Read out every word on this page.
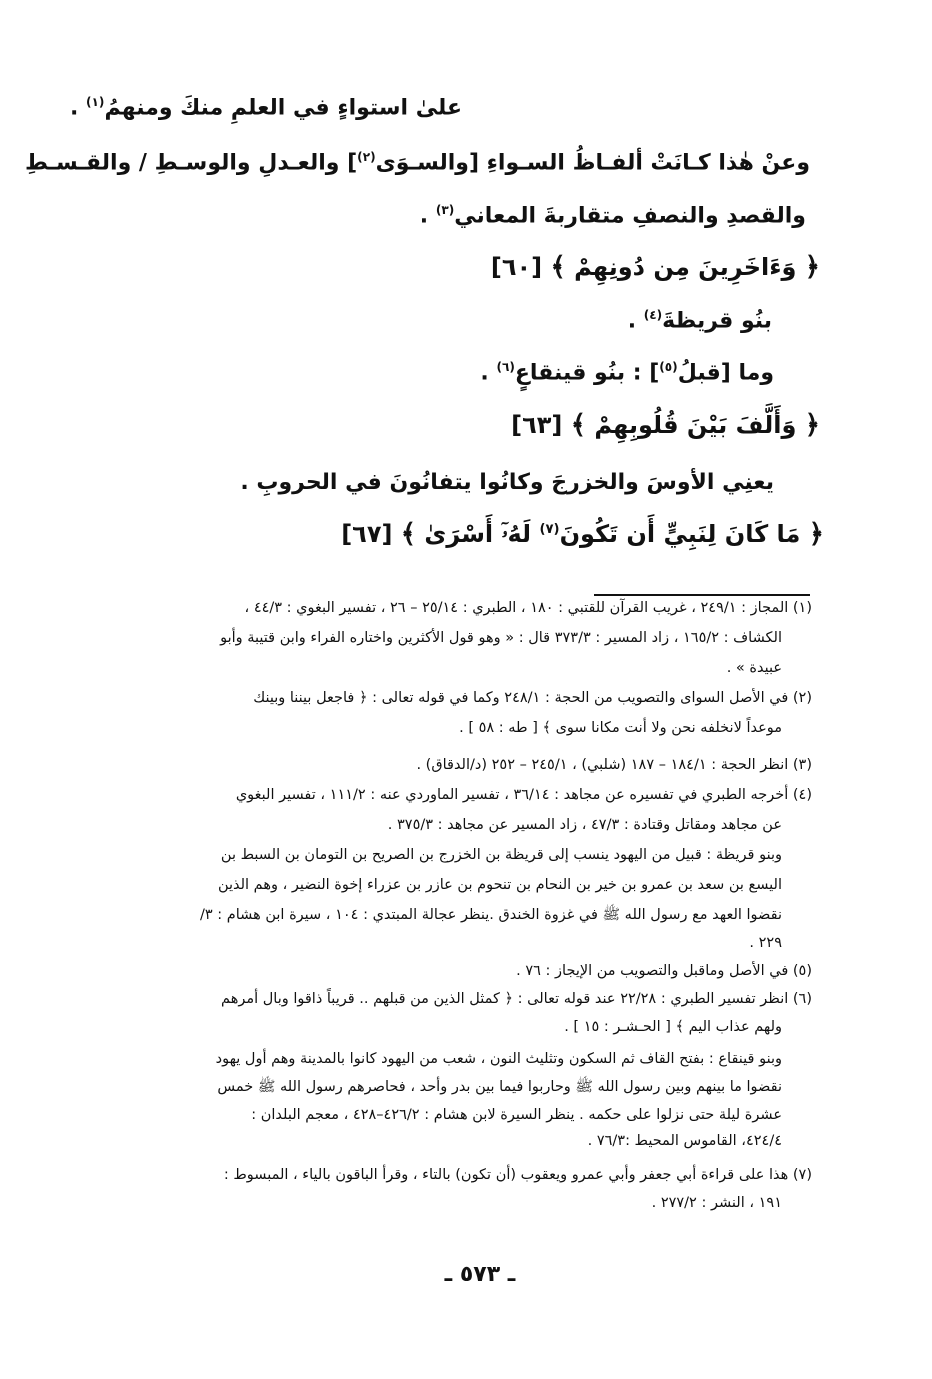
علىٰ استواءٍ في العلمِ منكَ ومنهمُ$^{(١)}$ .
وعنْ هٰذا كـانَتْ ألفـاظُ السـواءِ [والسـوَى$^{(٢)}$] والعـدلِ والوسـطِ / والقـسـطِ
والقصدِ والنصفِ متقاربةَ المعاني$^{(٣)}$ .
﴿ وَءَاخَرِينَ مِن دُونِهِمْ ﴾ [٦٠]
بنُو قريظةَ$^{(٤)}$ .
وما [قبلُ$^{(٥)}$] : بنُو قينقاعٍ$^{(٦)}$ .
﴿ وَأَلَّفَ بَيْنَ قُلُوبِهِمْ ﴾ [٦٣]
يعنِي الأوسَ والخزرجَ وكانُوا يتفانُونَ في الحروبِ .
﴿ مَا كَانَ لِنَبِيٍّ أَن تَكُونَ$^{(٧)}$ لَهُۥٓ أَسْرَىٰ ﴾ [٦٧]
(١) المجاز : ٢٤٩/١ ، غريب القرآن للقتبي : ١٨٠ ، الطبري : ٢٥/١٤ – ٢٦ ، تفسير البغوي : ٤٤/٣ ،
الكشاف : ١٦٥/٢ ، زاد المسير : ٣٧٣/٣ قال : « وهو قول الأكثرين واختاره الفراء وابن قتيبة وأبو
عبيدة » .
(٢) في الأصل السواى والتصويب من الحجة : ٢٤٨/١ وكما في قوله تعالى : ﴿ فاجعل بيننا وبينك
موعداً لانخلفه نحن ولا أنت مكانا سوى ﴾ [ طه : ٥٨ ] .
(٣) انظر الحجة : ١٨٤/١ – ١٨٧ (شلبي) ، ٢٤٥/١ – ٢٥٢ (د/الدقاق) .
(٤) أخرجه الطبري في تفسيره عن مجاهد : ٣٦/١٤ ، تفسير الماوردي عنه : ١١١/٢ ، تفسير البغوي
عن مجاهد ومقاتل وقتادة : ٤٧/٣ ، زاد المسير عن مجاهد : ٣٧٥/٣ .
وبنو قريظة : قبيل من اليهود ينسب إلى قريظة بن الخزرج بن الصريح بن التومان بن السبط بن
اليسع بن سعد بن عمرو بن خير بن النحام بن تنحوم بن عازر بن عزراء إخوة النضير ، وهم الذين
نقضوا العهد مع رسول الله ﷺ في غزوة الخندق .ينظر عجالة المبتدي : ١٠٤ ، سيرة ابن هشام : ٣/
٢٢٩ .
(٥) في الأصل وماقبل والتصويب من الإيجاز : ٧٦ .
(٦) انظر تفسير الطبري : ٢٢/٢٨ عند قوله تعالى : ﴿ كمثل الذين من قبلهم .. قريباً ذاقوا وبال أمرهم
ولهم عذاب اليم ﴾ [ الحـشـر : ١٥ ] .
وبنو قينقاع : بفتح القاف ثم السكون وتثليث النون ، شعب من اليهود كانوا بالمدينة وهم أول يهود
نقضوا ما بينهم وبين رسول الله ﷺ وحاربوا فيما بين بدر وأحد ، فحاصرهم رسول الله ﷺ خمس
عشرة ليلة حتى نزلوا على حكمه . ينظر السيرة لابن هشام : ٤٢٦/٢–٤٢٨ ، معجم البلدان :
٤٢٤/٤، القاموس المحيط :٧٦/٣ .
(٧) هذا على قراءة أبي جعفر وأبي عمرو ويعقوب (أن تكون) بالتاء ، وقرأ الباقون بالياء ، المبسوط :
١٩١ ، النشر : ٢٧٧/٢ .
ـ ٥٧٣ ـ
